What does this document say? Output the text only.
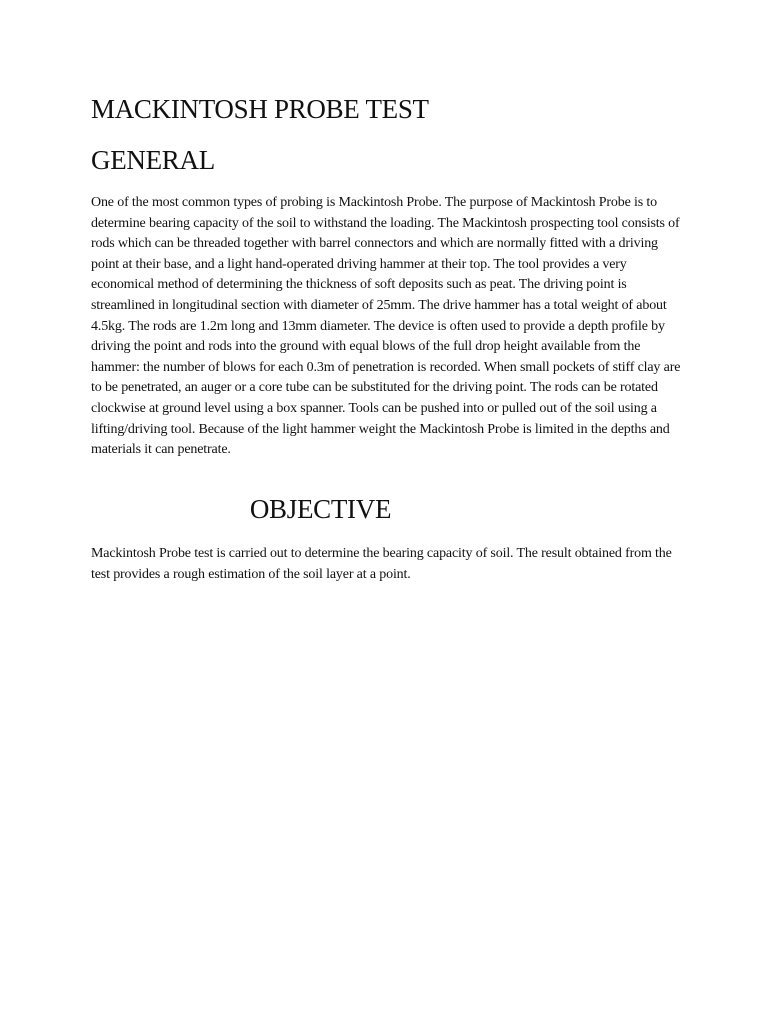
MACKINTOSH PROBE TEST
GENERAL

One of the most common types of probing is Mackintosh Probe. The purpose of Mackintosh Probe is to determine bearing capacity of the soil to withstand the loading. The Mackintosh prospecting tool consists of rods which can be threaded together with barrel connectors and which are normally fitted with a driving point at their base, and a light hand-operated driving hammer at their top. The tool provides a very economical method of determining the thickness of soft deposits such as peat. The driving point is streamlined in longitudinal section with diameter of 25mm. The drive hammer has a total weight of about 4.5kg. The rods are 1.2m long and 13mm diameter. The device is often used to provide a depth profile by driving the point and rods into the ground with equal blows of the full drop height available from the hammer: the number of blows for each 0.3m of penetration is recorded. When small pockets of stiff clay are to be penetrated, an auger or a core tube can be substituted for the driving point. The rods can be rotated clockwise at ground level using a box spanner. Tools can be pushed into or pulled out of the soil using a lifting/driving tool. Because of the light hammer weight the Mackintosh Probe is limited in the depths and materials it can penetrate.

OBJECTIVE

Mackintosh Probe test is carried out to determine the bearing capacity of soil. The result obtained from the test provides a rough estimation of the soil layer at a point.
